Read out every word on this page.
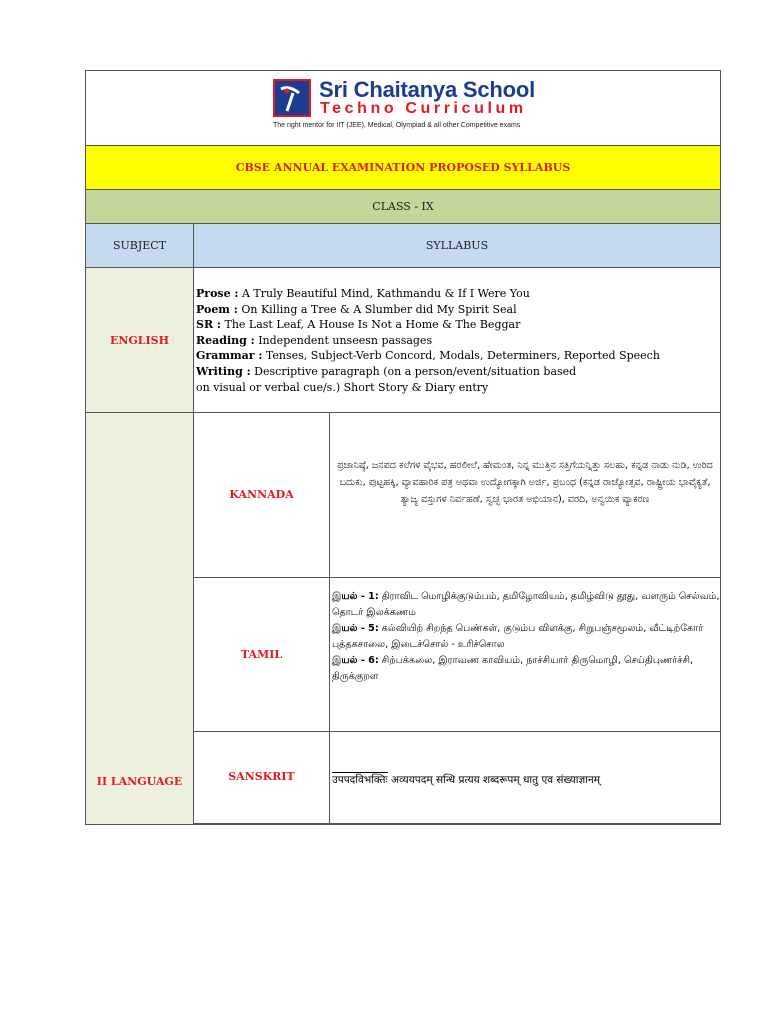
Sri Chaitanya School
Techno Curriculum
The right mentor for IIT (JEE), Medical, Olympiad & all other Competitive exams
CBSE ANNUAL EXAMINATION PROPOSED SYLLABUS
CLASS - IX
SUBJECT	SYLLABUS
ENGLISH
Prose : A Truly Beautiful Mind, Kathmandu & If I Were You
Poem : On Killing a Tree & A Slumber did My Spirit Seal
SR : The Last Leaf, A House Is Not a Home & The Beggar
Reading : Independent unseesn passages
Grammar : Tenses, Subject-Verb Concord, Modals, Determiners, Reported Speech
Writing : Descriptive paragraph (on a person/event/situation based
on visual or verbal cue/s.) Short Story & Diary entry
II LANGUAGE
KANNADA
ಪ್ರಜಾನಿಷ್ಠೆ, ಜನಪದ ಕಲೆಗಳ ವೈಭವ, ಹರಲೀಲೆ, ಹೇಮಂತ, ನಿನ್ನ ಮುತ್ತಿನ ಸತ್ತಿಗೆಯನ್ನಿತ್ತು ಸಲಹು, ಕನ್ನಡ ನಾಡು ನುಡಿ, ಉರಿದ ಬದುಕು, ಪುಟ್ಟಹಕ್ಕಿ, ವ್ಯಾವಹಾರಿಕ ಪತ್ರ ಅಥವಾ ಉದ್ಯೋಗಕ್ಕಾಗಿ ಅರ್ಜಿ, ಪ್ರಬಂಧ (ಕನ್ನಡ ರಾಜ್ಯೋತ್ಸವ, ರಾಷ್ಟ್ರೀಯ ಭಾವೈಕ್ಯತೆ, ತ್ಯಾಜ್ಯ ವಸ್ತುಗಳ ನಿರ್ವಹಣೆ, ಸ್ವಚ್ಛ ಭಾರತ ಅಭಿಯಾನ), ವರದಿ, ಅನ್ವಯಿಕ ವ್ಯಾಕರಣ
TAMIL
இயல் - 1: திராவிட மொழிக்குடும்பம், தமிழோவியம், தமிழ்விடு தூது, வளரும் செல்வம், தொடர் இலக்கணம
இயல் - 5: கல்வியிற் சிறந்த பெண்கள், குடும்ப விளக்கு, சிறுபஞ்சமூலம், வீட்டிற்கோர் புத்தகசாலை, இடைச்சொல் - உரிச்சொல
இயல் - 6: சிற்பக்கலை, இராவண காவியம், நாச்சியார் திருமொழி, செய்திபுணர்ச்சி, திருக்குறள
SANSKRIT	उपपदविभक्तिः अव्ययपदम् सन्धि प्रत्यय शब्दरूपम् धातु एव संख्याज्ञानम्
